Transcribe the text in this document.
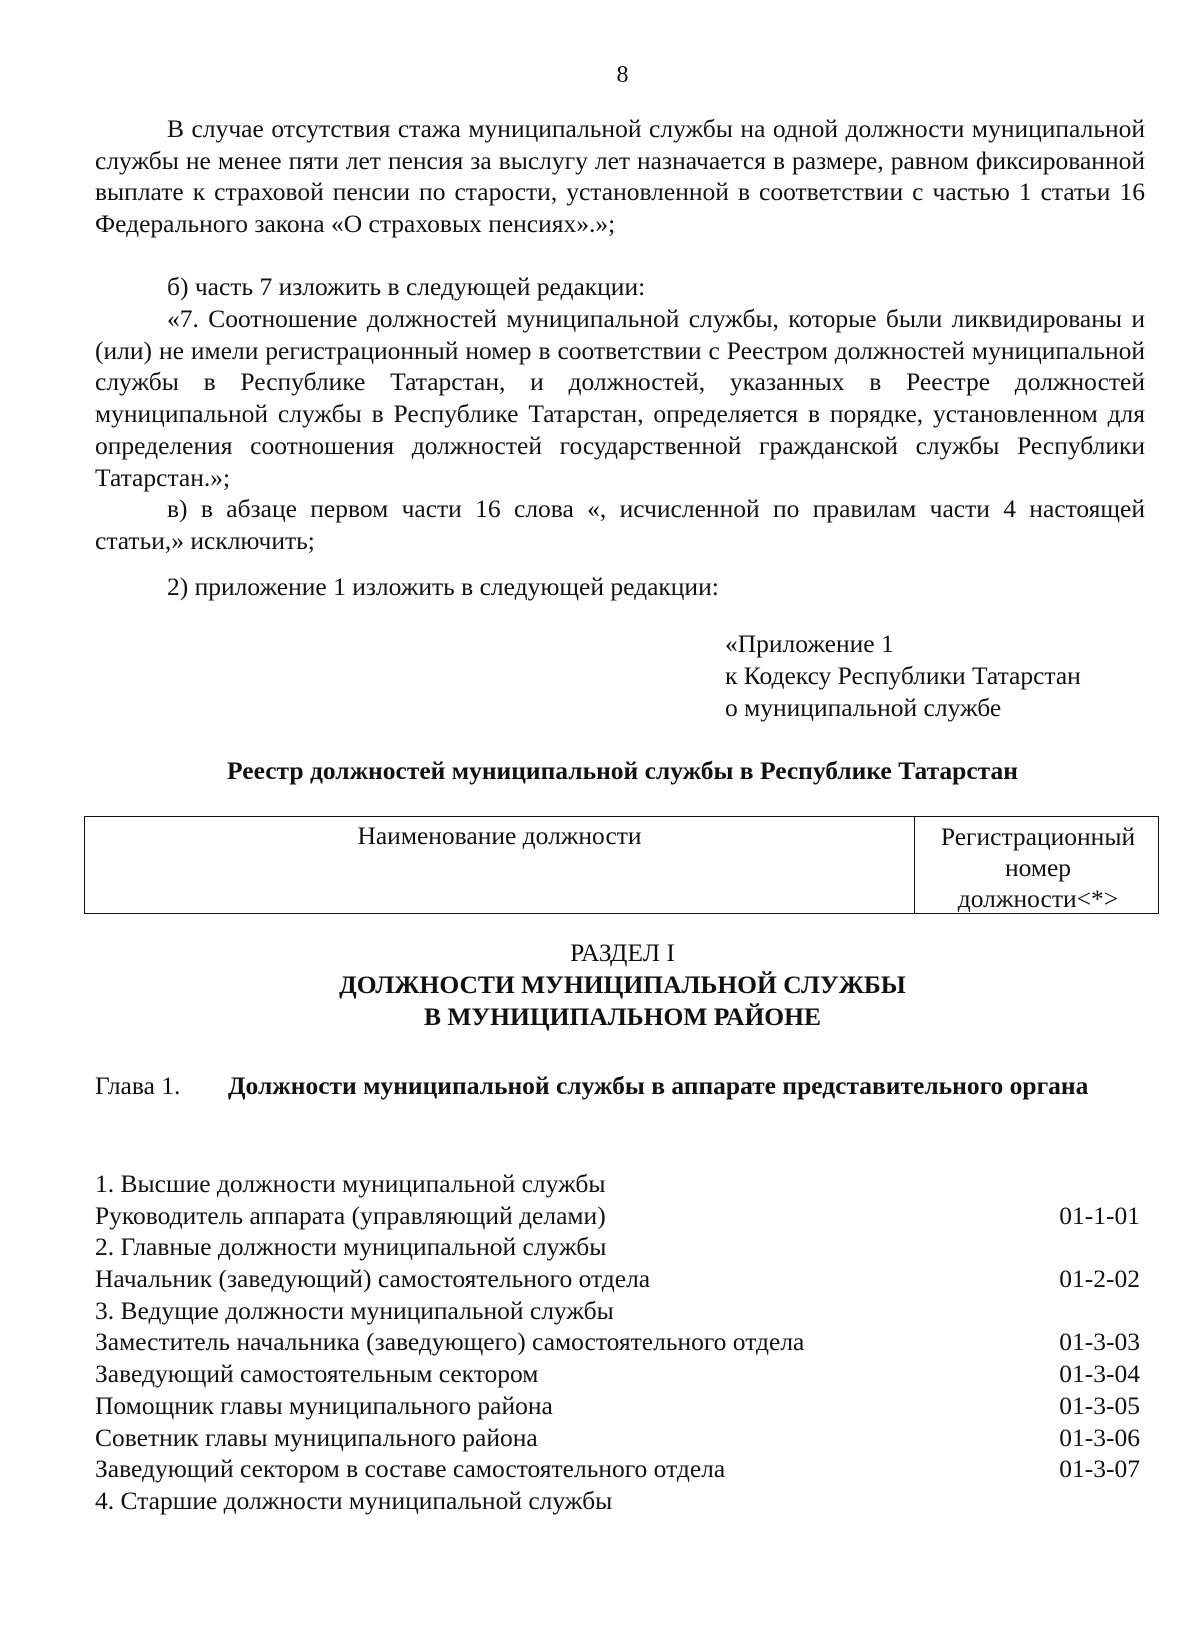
8
В случае отсутствия стажа муниципальной службы на одной должности муниципальной службы не менее пяти лет пенсия за выслугу лет назначается в размере, равном фиксированной выплате к страховой пенсии по старости, установленной в соответствии с частью 1 статьи 16 Федерального закона «О страховых пенсиях».»;
б) часть 7 изложить в следующей редакции:
«7. Соотношение должностей муниципальной службы, которые были ликвидированы и (или) не имели регистрационный номер в соответствии с Реестром должностей муниципальной службы в Республике Татарстан, и должностей, указанных в Реестре должностей муниципальной службы в Республике Татарстан, определяется в порядке, установленном для определения соотношения должностей государственной гражданской службы Республики Татарстан.»;
в) в абзаце первом части 16 слова «, исчисленной по правилам части 4 настоящей статьи,» исключить;
2) приложение 1 изложить в следующей редакции:
«Приложение 1
к Кодексу Республики Татарстан
о муниципальной службе
Реестр должностей муниципальной службы в Республике Татарстан
Наименование должности	Регистрационный
номер
должности<*>
РАЗДЕЛ I
ДОЛЖНОСТИ МУНИЦИПАЛЬНОЙ СЛУЖБЫ
В МУНИЦИПАЛЬНОМ РАЙОНЕ
Глава 1. Должности муниципальной службы в аппарате представительного органа
1. Высшие должности муниципальной службы
Руководитель аппарата (управляющий делами)	01-1-01
2. Главные должности муниципальной службы
Начальник (заведующий) самостоятельного отдела	01-2-02
3. Ведущие должности муниципальной службы
Заместитель начальника (заведующего) самостоятельного отдела	01-3-03
Заведующий самостоятельным сектором	01-3-04
Помощник главы муниципального района	01-3-05
Советник главы муниципального района	01-3-06
Заведующий сектором в составе самостоятельного отдела	01-3-07
4. Старшие должности муниципальной службы
